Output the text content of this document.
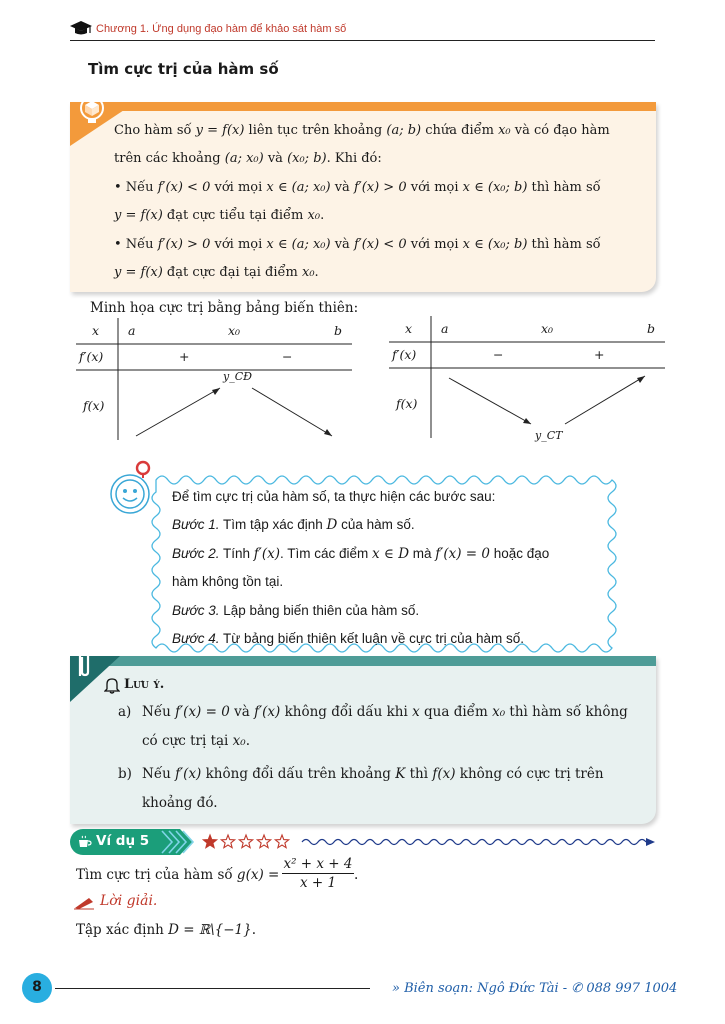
Chương 1. Ứng dụng đạo hàm để khảo sát hàm số
Tìm cực trị của hàm số
Cho hàm số y = f(x) liên tục trên khoảng (a; b) chứa điểm x₀ và có đạo hàm
trên các khoảng (a; x₀) và (x₀; b). Khi đó:
• Nếu f′(x) < 0 với mọi x ∈ (a; x₀) và f′(x) > 0 với mọi x ∈ (x₀; b) thì hàm số
y = f(x) đạt cực tiểu tại điểm x₀.
• Nếu f′(x) > 0 với mọi x ∈ (a; x₀) và f′(x) < 0 với mọi x ∈ (x₀; b) thì hàm số
y = f(x) đạt cực đại tại điểm x₀.
Minh họa cực trị bằng bảng biến thiên:
x a	x₀	b
f′(x)	+	−
f(x)
y_CĐ
x a	x₀	b
f′(x)	−	+
f(x)
y_CT
Để tìm cực trị của hàm số, ta thực hiện các bước sau:
Bước 1. Tìm tập xác định D của hàm số.
Bước 2. Tính f′(x). Tìm các điểm x ∈ D mà f′(x) = 0 hoặc đạo
hàm không tồn tại.
Bước 3. Lập bảng biến thiên của hàm số.
Bước 4. Từ bảng biến thiên kết luận về cực trị của hàm số.
Lưu ý.
a) Nếu f′(x) = 0 và f′(x) không đổi dấu khi x qua điểm x₀ thì hàm số không
có cực trị tại x₀.
b) Nếu f′(x) không đổi dấu trên khoảng K thì f(x) không có cực trị trên
khoảng đó.
Ví dụ 5
Tìm cực trị của hàm số g(x) =
x² + x + 4
x + 1	.
Lời giải.
Tập xác định D = ℝ\{−1}.
8	» Biên soạn: Ngô Đức Tài - ✆ 088 997 1004
